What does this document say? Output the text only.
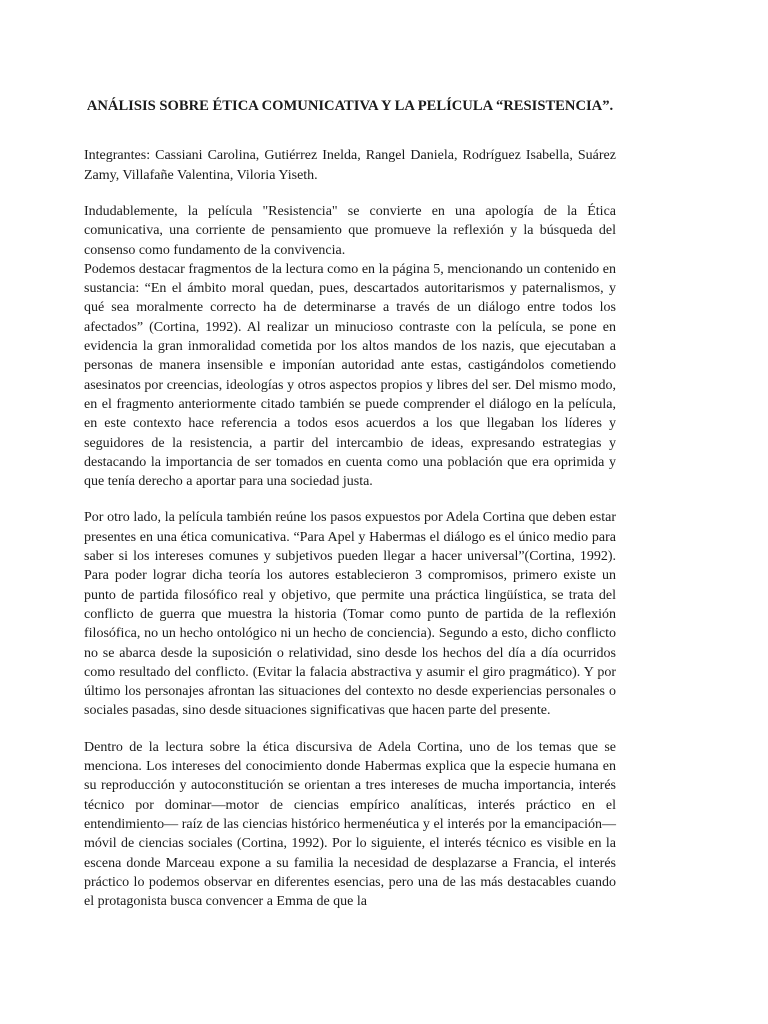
ANÁLISIS SOBRE ÉTICA COMUNICATIVA Y LA PELÍCULA “RESISTENCIA”.

Integrantes: Cassiani Carolina, Gutiérrez Inelda, Rangel Daniela, Rodríguez Isabella, Suárez Zamy, Villafañe Valentina, Viloria Yiseth.

Indudablemente, la película "Resistencia" se convierte en una apología de la Ética comunicativa, una corriente de pensamiento que promueve la reflexión y la búsqueda del consenso como fundamento de la convivencia.

Podemos destacar fragmentos de la lectura como en la página 5, mencionando un contenido en sustancia: “En el ámbito moral quedan, pues, descartados autoritarismos y paternalismos, y qué sea moralmente correcto ha de determinarse a través de un diálogo entre todos los afectados” (Cortina, 1992). Al realizar un minucioso contraste con la película, se pone en evidencia la gran inmoralidad cometida por los altos mandos de los nazis, que ejecutaban a personas de manera insensible e imponían autoridad ante estas, castigándolos cometiendo asesinatos por creencias, ideologías y otros aspectos propios y libres del ser. Del mismo modo, en el fragmento anteriormente citado también se puede comprender el diálogo en la película, en este contexto hace referencia a todos esos acuerdos a los que llegaban los líderes y seguidores de la resistencia, a partir del intercambio de ideas, expresando estrategias y destacando la importancia de ser tomados en cuenta como una población que era oprimida y que tenía derecho a aportar para una sociedad justa.

Por otro lado, la película también reúne los pasos expuestos por Adela Cortina que deben estar presentes en una ética comunicativa. “Para Apel y Habermas el diálogo es el único medio para saber si los intereses comunes y subjetivos pueden llegar a hacer universal”(Cortina, 1992). Para poder lograr dicha teoría los autores establecieron 3 compromisos, primero existe un punto de partida filosófico real y objetivo, que permite una práctica lingüística, se trata del conflicto de guerra que muestra la historia (Tomar como punto de partida de la reflexión filosófica, no un hecho ontológico ni un hecho de conciencia). Segundo a esto, dicho conflicto no se abarca desde la suposición o relatividad, sino desde los hechos del día a día ocurridos como resultado del conflicto. (Evitar la falacia abstractiva y asumir el giro pragmático). Y por último los personajes afrontan las situaciones del contexto no desde experiencias personales o sociales pasadas, sino desde situaciones significativas que hacen parte del presente.

Dentro de la lectura sobre la ética discursiva de Adela Cortina, uno de los temas que se menciona. Los intereses del conocimiento donde Habermas explica que la especie humana en su reproducción y autoconstitución se orientan a tres intereses de mucha importancia, interés técnico por dominar—motor de ciencias empírico analíticas, interés práctico en el entendimiento— raíz de las ciencias histórico hermenéutica y el interés por la emancipación— móvil de ciencias sociales (Cortina, 1992). Por lo siguiente, el interés técnico es visible en la escena donde Marceau expone a su familia la necesidad de desplazarse a Francia, el interés práctico lo podemos observar en diferentes esencias, pero una de las más destacables cuando el protagonista busca convencer a Emma de que la
